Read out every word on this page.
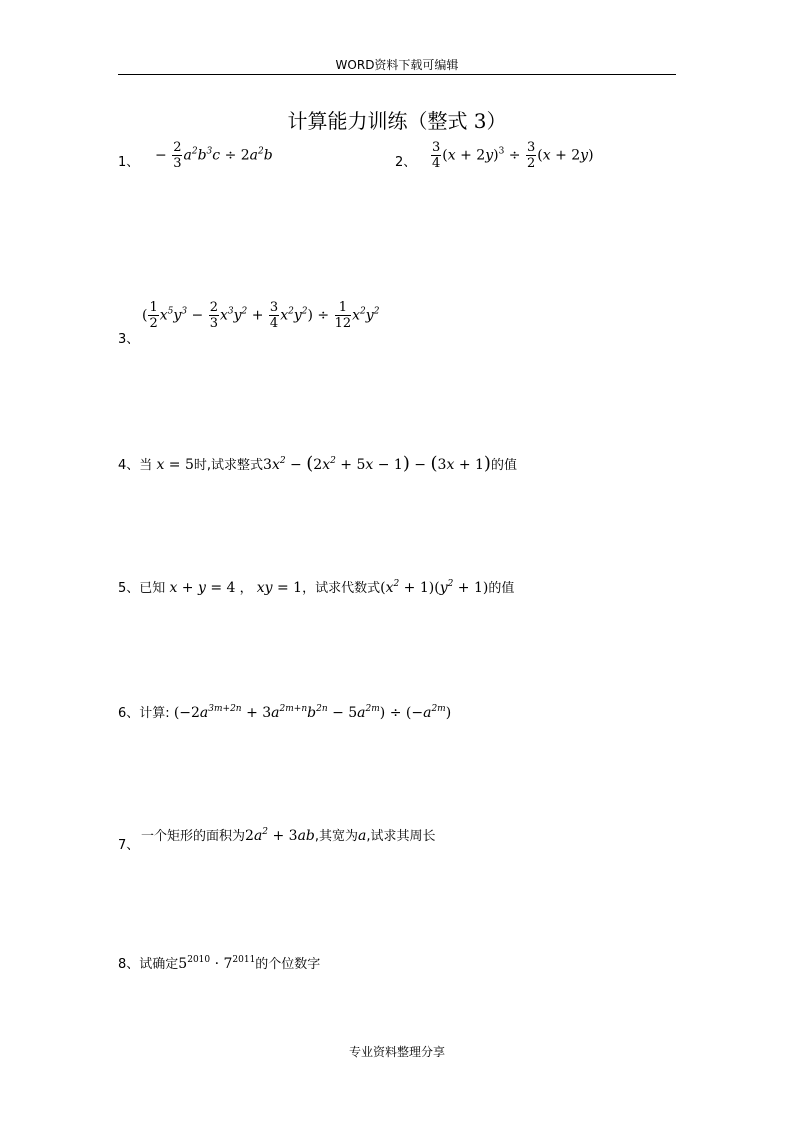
WORD资料下载可编辑
计算能力训练（整式 3）
1、 − $\frac{2}{3} a^2b^3c \div 2a^2b$	2、 $\frac{3}{4} (x + 2y)^3 \div \frac{3}{2} (x + 2y)$
3、
( $\frac{1}{2} x^5y^3 - \frac{2}{3} x^3y^2 + \frac{3}{4} x^2y^2) \div \frac{1}{12} x^2y^2$
4、当 x = 5时,试求整式$3x^2 - (2x^2 + 5x - 1) - (3x + 1)$的值
5、已知 x + y = 4 ， xy = 1，试求代数式$(x^2 + 1)(y^2 + 1)$的值
6、计算: $(-2a^{3m+2n} + 3a^{2m+n}b^{2n} - 5a^{2m}) \div (-a^{2m})$
7、
一个矩形的面积为$2a^2 + 3ab$,其宽为a,试求其周长
8、试确定$5^{2010} \cdot 7^{2011}$的个位数字
专业资料整理分享
